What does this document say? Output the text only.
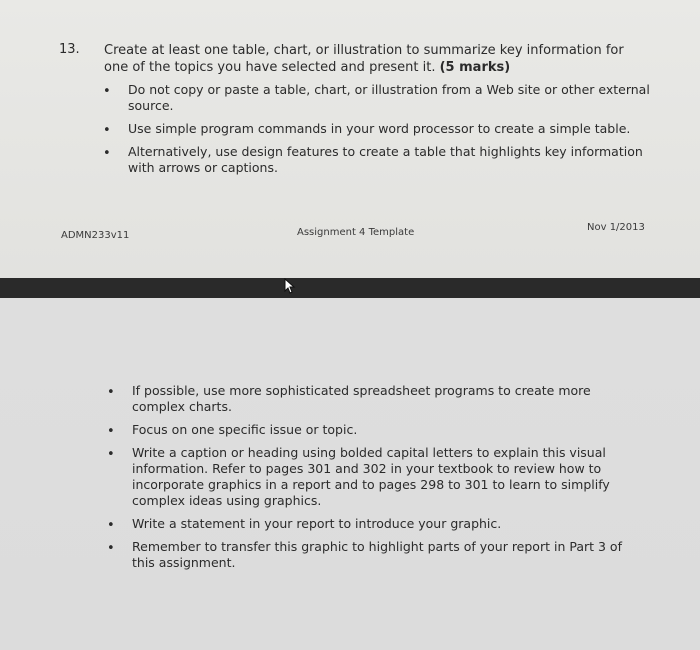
13. Create at least one table, chart, or illustration to summarize key information for one of the topics you have selected and present it. (5 marks)
• Do not copy or paste a table, chart, or illustration from a Web site or other external source.
• Use simple program commands in your word processor to create a simple table.
• Alternatively, use design features to create a table that highlights key information with arrows or captions.
ADMN233v11	Assignment 4 Template	Nov 1/2013
• If possible, use more sophisticated spreadsheet programs to create more complex charts.
• Focus on one specific issue or topic.
• Write a caption or heading using bolded capital letters to explain this visual information. Refer to pages 301 and 302 in your textbook to review how to incorporate graphics in a report and to pages 298 to 301 to learn to simplify complex ideas using graphics.
• Write a statement in your report to introduce your graphic.
• Remember to transfer this graphic to highlight parts of your report in Part 3 of this assignment.
